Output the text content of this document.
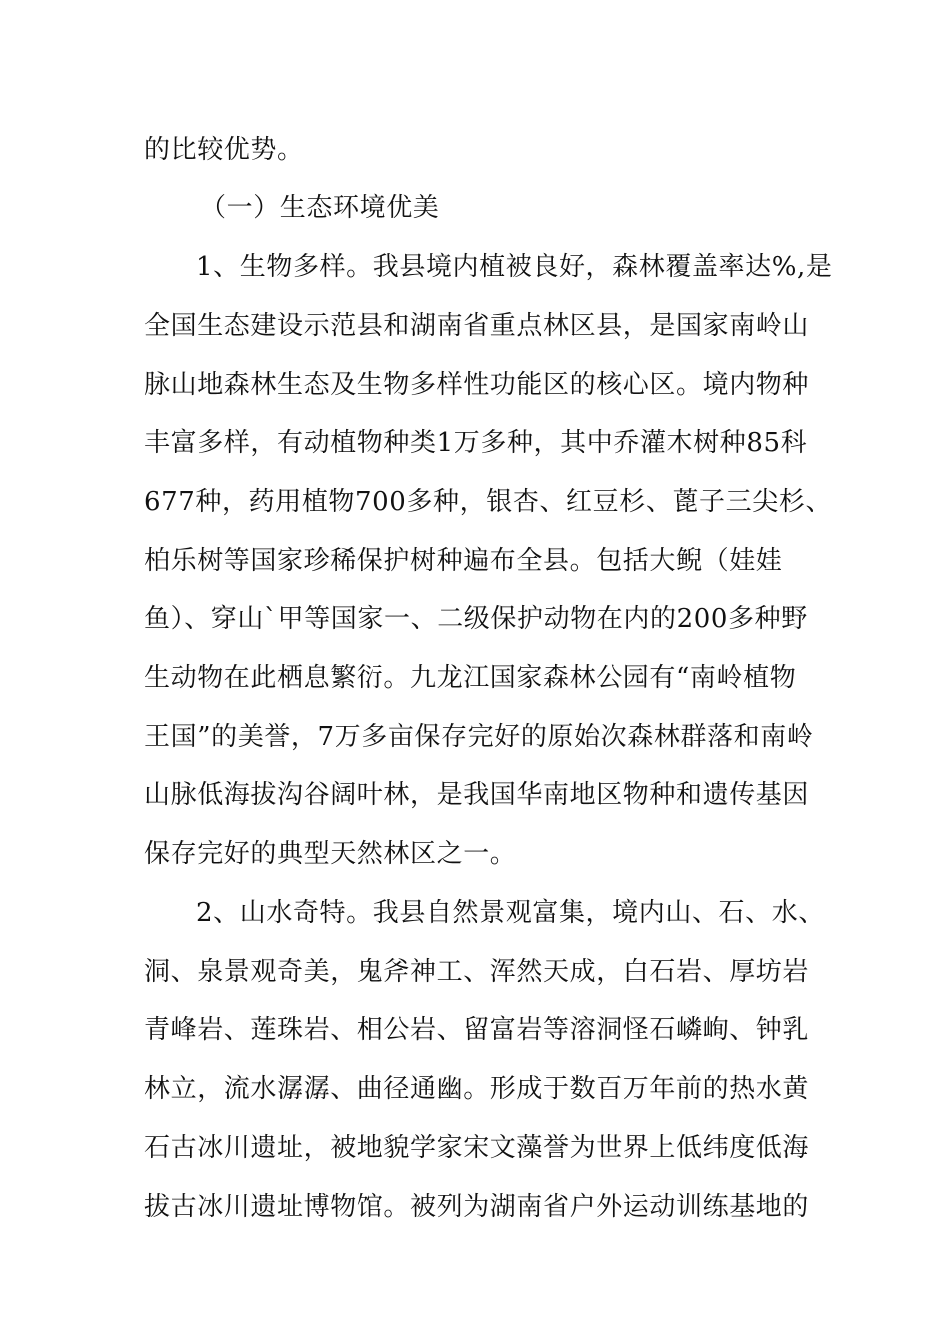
的比较优势。
（一）生态环境优美
1、生物多样。我县境内植被良好，森林覆盖率达%,是
全国生态建设示范县和湖南省重点林区县，是国家南岭山
脉山地森林生态及生物多样性功能区的核心区。境内物种
丰富多样，有动植物种类1万多种，其中乔灌木树种85科
677种，药用植物700多种，银杏、红豆杉、蓖子三尖杉、
柏乐树等国家珍稀保护树种遍布全县。包括大鲵（娃娃
鱼）、穿山`甲等国家一、二级保护动物在内的200多种野
生动物在此栖息繁衍。九龙江国家森林公园有“南岭植物
王国”的美誉，7万多亩保存完好的原始次森林群落和南岭
山脉低海拔沟谷阔叶林，是我国华南地区物种和遗传基因
保存完好的典型天然林区之一。
2、山水奇特。我县自然景观富集，境内山、石、水、
洞、泉景观奇美，鬼斧神工、浑然天成，白石岩、厚坊岩
青峰岩、莲珠岩、相公岩、留富岩等溶洞怪石嶙峋、钟乳
林立，流水潺潺、曲径通幽。形成于数百万年前的热水黄
石古冰川遗址，被地貌学家宋文藻誉为世界上低纬度低海
拔古冰川遗址博物馆。被列为湖南省户外运动训练基地的
